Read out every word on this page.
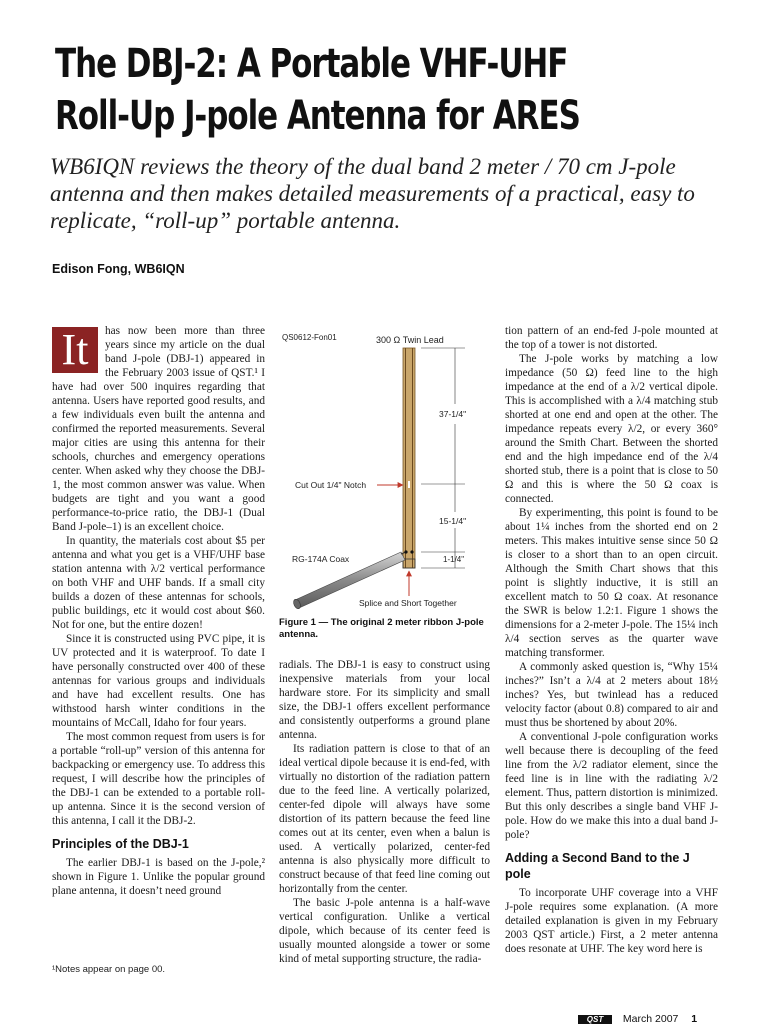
The DBJ-2: A Portable VHF-UHF
Roll-Up J-pole Antenna for ARES
WB6IQN reviews the theory of the dual band 2 meter / 70 cm J-pole
antenna and then makes detailed measurements of a practical, easy to
replicate, “roll-up” portable antenna.
Edison Fong, WB6IQN
It	has now been more than three years since my article on the dual band J-pole (DBJ-1) appeared in the February 2003 issue of QST.¹ I have had over 500 inquires regarding that antenna. Users have reported good results, and a few individuals even built the antenna and confirmed the reported measurements. Several major cities are using this antenna for their schools, churches and emergency operations center. When asked why they choose the DBJ-1, the most common answer was value. When budgets are tight and you want a good performance-to-price ratio, the DBJ-1 (Dual Band J-pole–1) is an excellent choice.

In quantity, the materials cost about $5 per antenna and what you get is a VHF/UHF base station antenna with λ/2 vertical performance on both VHF and UHF bands. If a small city builds a dozen of these antennas for schools, public buildings, etc it would cost about $60. Not for one, but the entire dozen!

Since it is constructed using PVC pipe, it is UV protected and it is waterproof. To date I have personally constructed over 400 of these antennas for various groups and individuals and have had excellent results. One has withstood harsh winter conditions in the mountains of McCall, Idaho for four years.

The most common request from users is for a portable “roll-up” version of this antenna for backpacking or emergency use. To address this request, I will describe how the principles of the DBJ-1 can be extended to a portable roll-up antenna. Since it is the second version of this antenna, I call it the DBJ-2.

Principles of the DBJ-1

The earlier DBJ-1 is based on the J-pole,² shown in Figure 1. Unlike the popular ground plane antenna, it doesn’t need ground

QS0612-Fon01	300 Ω Twin Lead
37-1/4"
15-1/4"
1-1/4"
Cut Out 1/4" Notch
RG-174A Coax
Splice and Short Together
Figure 1 — The original 2 meter ribbon J-pole antenna.

radials. The DBJ-1 is easy to construct using inexpensive materials from your local hardware store. For its simplicity and small size, the DBJ-1 offers excellent performance and consistently outperforms a ground plane antenna.

Its radiation pattern is close to that of an ideal vertical dipole because it is end-fed, with virtually no distortion of the radiation pattern due to the feed line. A vertically polarized, center-fed dipole will always have some distortion of its pattern because the feed line comes out at its center, even when a balun is used. A vertically polarized, center-fed antenna is also physically more difficult to construct because of that feed line coming out horizontally from the center.

The basic J-pole antenna is a half-wave vertical configuration. Unlike a vertical dipole, which because of its center feed is usually mounted alongside a tower or some kind of metal supporting structure, the radia-

tion pattern of an end-fed J-pole mounted at the top of a tower is not distorted.

The J-pole works by matching a low impedance (50 Ω) feed line to the high impedance at the end of a λ/2 vertical dipole. This is accomplished with a λ/4 matching stub shorted at one end and open at the other. The impedance repeats every λ/2, or every 360° around the Smith Chart. Between the shorted end and the high impedance end of the λ/4 shorted stub, there is a point that is close to 50 Ω and this is where the 50 Ω coax is connected.

By experimenting, this point is found to be about 1¼ inches from the shorted end on 2 meters. This makes intuitive sense since 50 Ω is closer to a short than to an open circuit. Although the Smith Chart shows that this point is slightly inductive, it is still an excellent match to 50 Ω coax. At resonance the SWR is below 1.2:1. Figure 1 shows the dimensions for a 2-meter J-pole. The 15¼ inch λ/4 section serves as the quarter wave matching transformer.

A commonly asked question is, “Why 15¼ inches?” Isn’t a λ/4 at 2 meters about 18½ inches? Yes, but twinlead has a reduced velocity factor (about 0.8) compared to air and must thus be shortened by about 20%.

A conventional J-pole configuration works well because there is decoupling of the feed line from the λ/2 radiator element, since the feed line is in line with the radiating λ/2 element. Thus, pattern distortion is minimized. But this only describes a single band VHF J-pole. How do we make this into a dual band J-pole?

Adding a Second Band to the J pole

To incorporate UHF coverage into a VHF J-pole requires some explanation. (A more detailed explanation is given in my February 2003 QST article.) First, a 2 meter antenna does resonate at UHF. The key word here is

¹Notes appear on page 00.
QST March 2007 1
